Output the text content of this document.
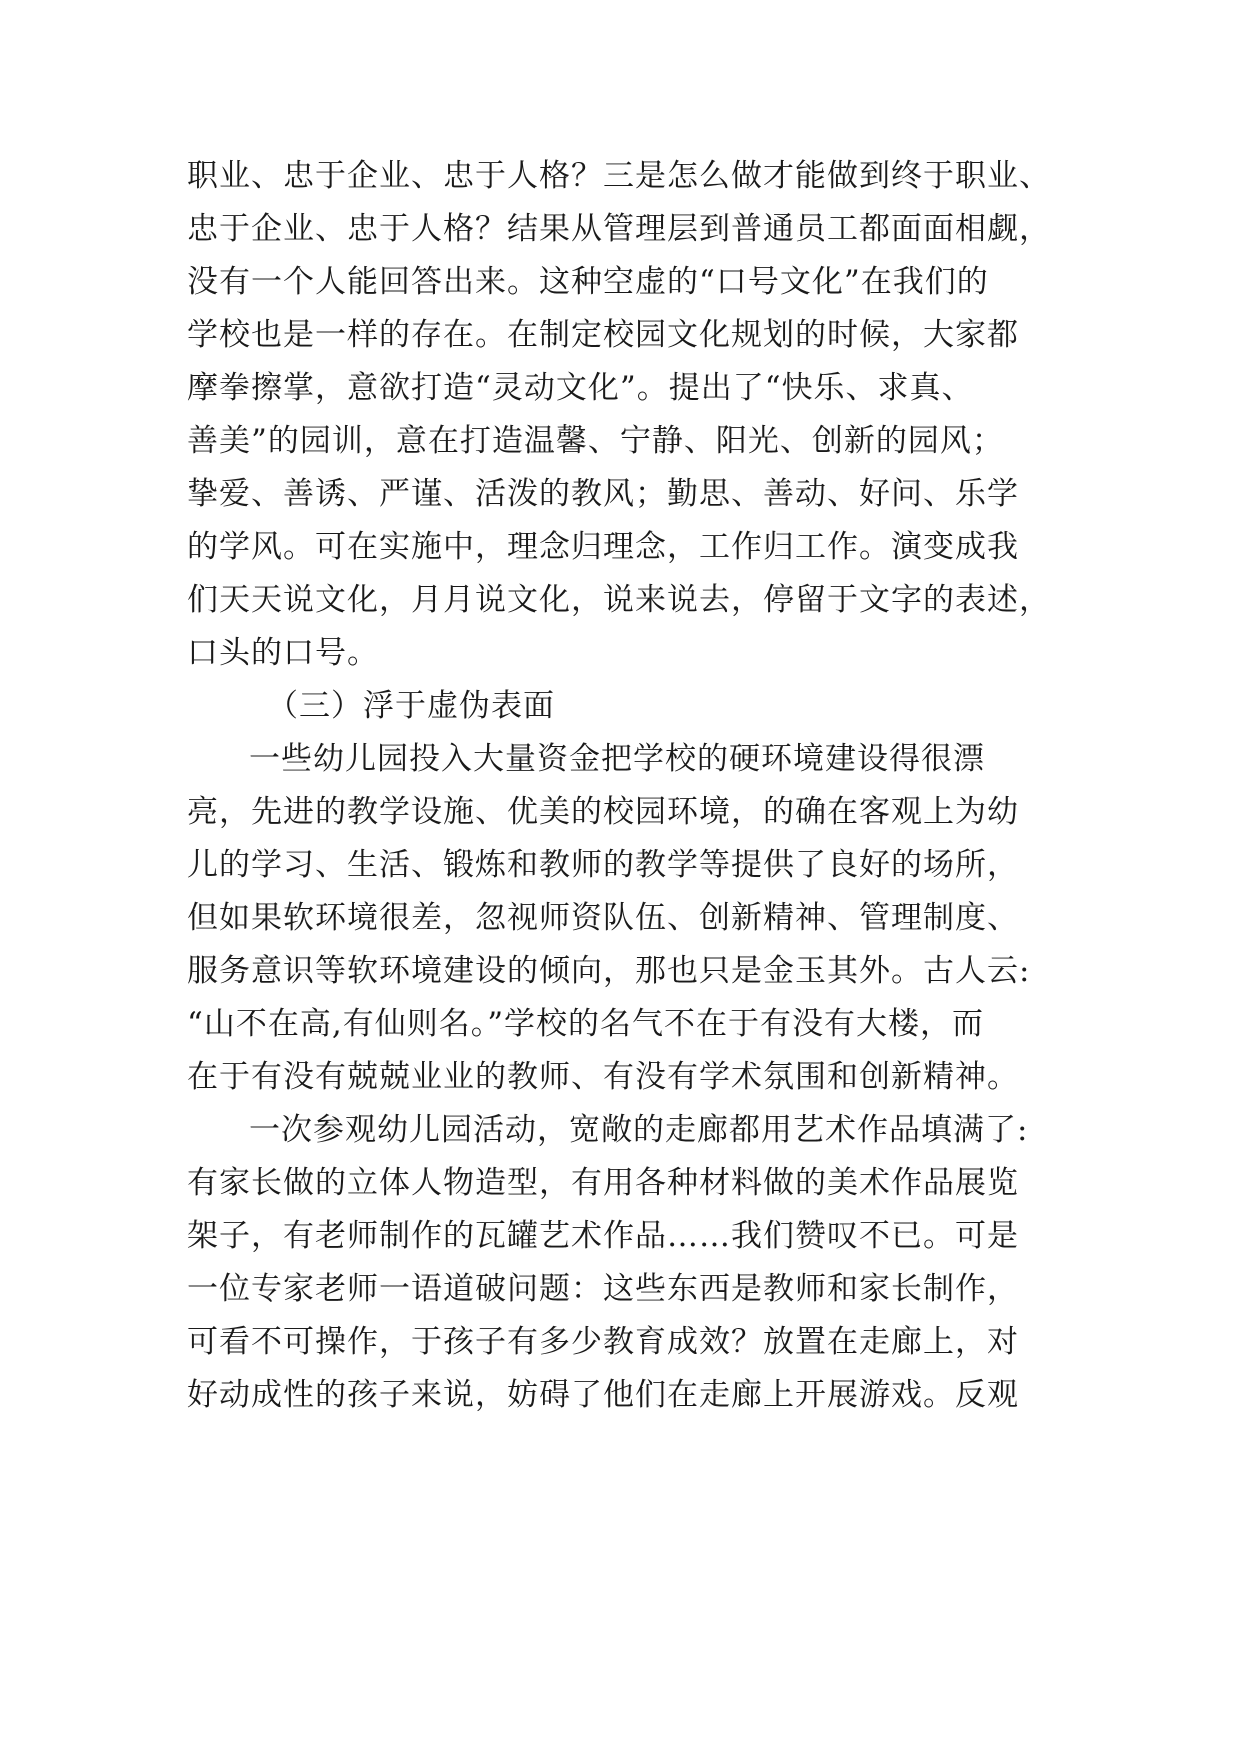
职业、忠于企业、忠于人格？三是怎么做才能做到终于职业、
忠于企业、忠于人格？结果从管理层到普通员工都面面相觑，
没有一个人能回答出来。这种空虚的“口号文化”在我们的
学校也是一样的存在。在制定校园文化规划的时候，大家都
摩拳擦掌，意欲打造“灵动文化”。提出了“快乐、求真、
善美”的园训，意在打造温馨、宁静、阳光、创新的园风；
挚爱、善诱、严谨、活泼的教风；勤思、善动、好问、乐学
的学风。可在实施中，理念归理念，工作归工作。演变成我
们天天说文化，月月说文化，说来说去，停留于文字的表述，
口头的口号。
（三）浮于虚伪表面
一些幼儿园投入大量资金把学校的硬环境建设得很漂
亮，先进的教学设施、优美的校园环境，的确在客观上为幼
儿的学习、生活、锻炼和教师的教学等提供了良好的场所，
但如果软环境很差，忽视师资队伍、创新精神、管理制度、
服务意识等软环境建设的倾向，那也只是金玉其外。古人云:
“山不在高,有仙则名。”学校的名气不在于有没有大楼，而
在于有没有兢兢业业的教师、有没有学术氛围和创新精神。
一次参观幼儿园活动，宽敞的走廊都用艺术作品填满了:
有家长做的立体人物造型，有用各种材料做的美术作品展览
架子，有老师制作的瓦罐艺术作品……我们赞叹不已。可是
一位专家老师一语道破问题：这些东西是教师和家长制作，
可看不可操作，于孩子有多少教育成效？放置在走廊上，对
好动成性的孩子来说，妨碍了他们在走廊上开展游戏。反观
